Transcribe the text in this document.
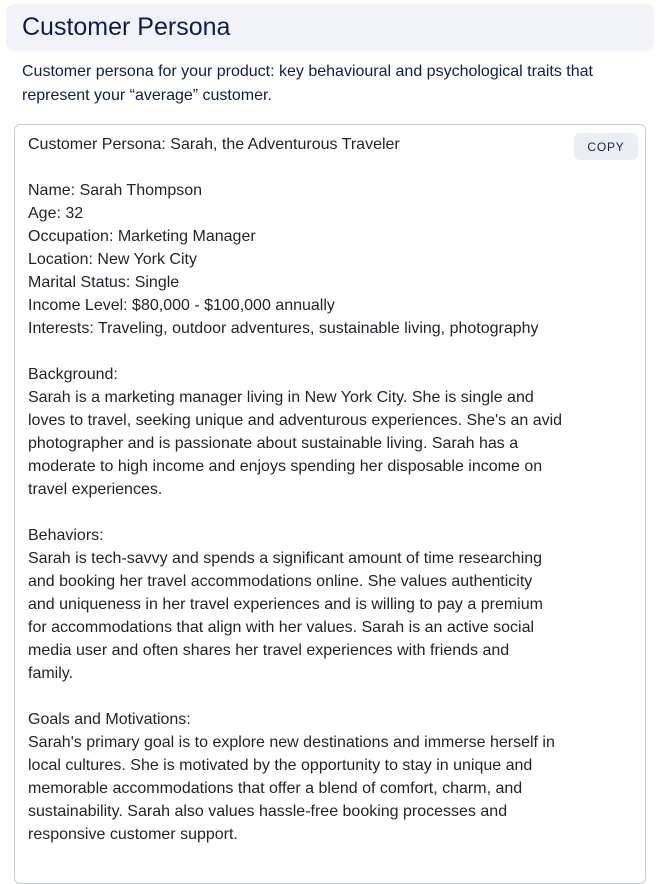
Customer Persona

Customer persona for your product: key behavioural and psychological traits that represent your “average” customer.

COPY
Customer Persona: Sarah, the Adventurous Traveler
Name: Sarah Thompson
Age: 32
Occupation: Marketing Manager
Location: New York City
Marital Status: Single
Income Level: $80,000 - $100,000 annually
Interests: Traveling, outdoor adventures, sustainable living, photography
Background:
Sarah is a marketing manager living in New York City. She is single and
loves to travel, seeking unique and adventurous experiences. She's an avid
photographer and is passionate about sustainable living. Sarah has a
moderate to high income and enjoys spending her disposable income on
travel experiences.
Behaviors:
Sarah is tech-savvy and spends a significant amount of time researching
and booking her travel accommodations online. She values authenticity
and uniqueness in her travel experiences and is willing to pay a premium
for accommodations that align with her values. Sarah is an active social
media user and often shares her travel experiences with friends and
family.
Goals and Motivations:
Sarah's primary goal is to explore new destinations and immerse herself in
local cultures. She is motivated by the opportunity to stay in unique and
memorable accommodations that offer a blend of comfort, charm, and
sustainability. Sarah also values hassle-free booking processes and
responsive customer support.
